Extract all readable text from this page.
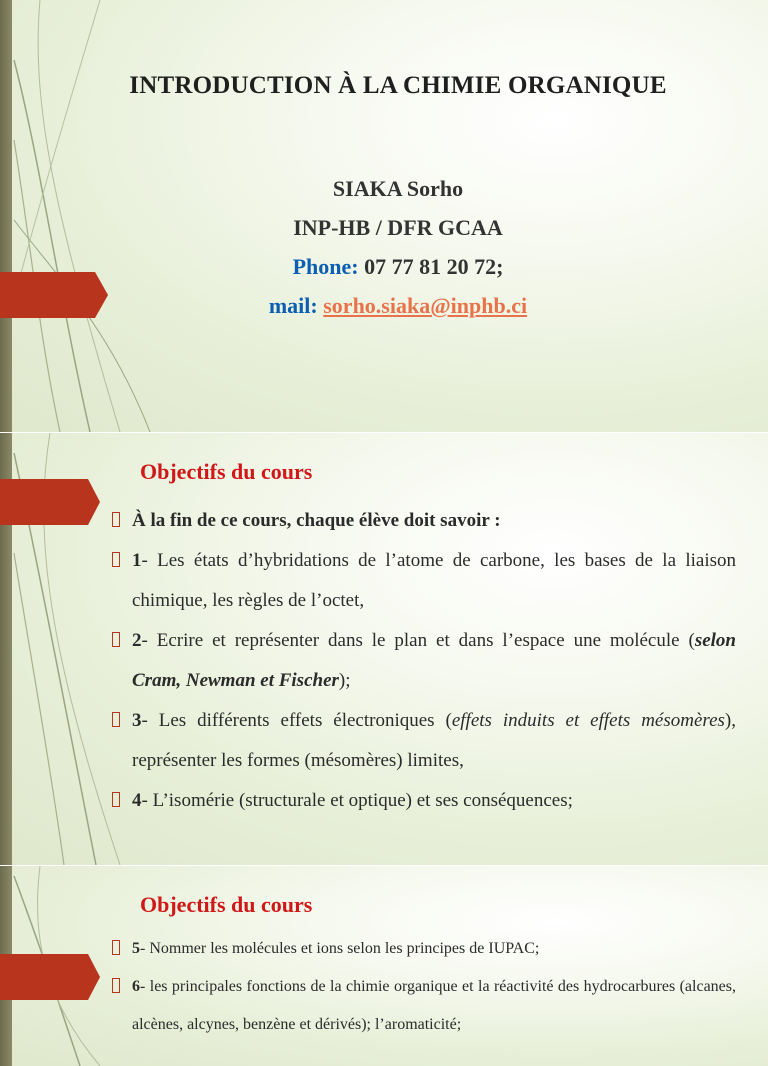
INTRODUCTION À LA CHIMIE ORGANIQUE
SIAKA Sorho
INP-HB / DFR GCAA
Phone: 07 77 81 20 72;
mail: sorho.siaka@inphb.ci
Objectifs du cours
À la fin de ce cours, chaque élève doit savoir :
1- Les états d’hybridations de l’atome de carbone, les bases de la liaison chimique, les règles de l’octet,
2- Ecrire et représenter dans le plan et dans l’espace une molécule (selon Cram, Newman et Fischer);
3- Les différents effets électroniques (effets induits et effets mésomères), représenter les formes (mésomères) limites,
4- L’isomérie (structurale et optique) et ses conséquences;
Objectifs du cours
5- Nommer les molécules et ions selon les principes de IUPAC;
6- les principales fonctions de la chimie organique et la réactivité des hydrocarbures (alcanes, alcènes, alcynes, benzène et dérivés); l’aromaticité;
